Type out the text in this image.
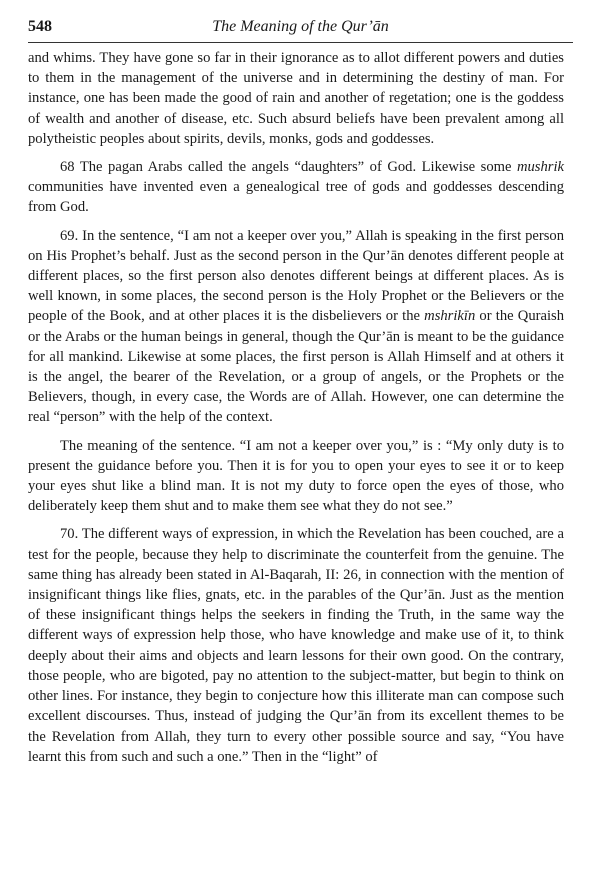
548	The Meaning of the Qur’ān

and whims. They have gone so far in their ignorance as to allot different powers and duties to them in the management of the universe and in determining the destiny of man. For instance, one has been made the good of rain and another of regetation; one is the goddess of wealth and another of disease, etc. Such absurd beliefs have been prevalent among all polytheistic peoples about spirits, devils, monks, gods and goddesses.

68 The pagan Arabs called the angels “daughters” of God. Likewise some mushrik communities have invented even a genealogical tree of gods and goddesses descending from God.

69. In the sentence, “I am not a keeper over you,” Allah is speaking in the first person on His Prophet’s behalf. Just as the second person in the Qur’ān denotes different people at different places, so the first person also denotes different beings at different places. As is well known, in some places, the second person is the Holy Prophet or the Believers or the people of the Book, and at other places it is the disbelievers or the mshrikīn or the Quraish or the Arabs or the human beings in general, though the Qur’ān is meant to be the guidance for all mankind. Likewise at some places, the first person is Allah Himself and at others it is the angel, the bearer of the Revelation, or a group of angels, or the Prophets or the Believers, though, in every case, the Words are of Allah. However, one can determine the real “person” with the help of the context.

The meaning of the sentence. “I am not a keeper over you,” is : “My only duty is to present the guidance before you. Then it is for you to open your eyes to see it or to keep your eyes shut like a blind man. It is not my duty to force open the eyes of those, who deliberately keep them shut and to make them see what they do not see.”

70. The different ways of expression, in which the Revelation has been couched, are a test for the people, because they help to discriminate the counterfeit from the genuine. The same thing has already been stated in Al-Baqarah, II: 26, in connection with the mention of insignificant things like flies, gnats, etc. in the parables of the Qur’ān. Just as the mention of these insignificant things helps the seekers in finding the Truth, in the same way the different ways of expression help those, who have knowledge and make use of it, to think deeply about their aims and objects and learn lessons for their own good. On the contrary, those people, who are bigoted, pay no attention to the subject-matter, but begin to think on other lines. For instance, they begin to conjecture how this illiterate man can compose such excellent discourses. Thus, instead of judging the Qur’ān from its excellent themes to be the Revelation from Allah, they turn to every other possible source and say, “You have learnt this from such and such a one.” Then in the “light” of
